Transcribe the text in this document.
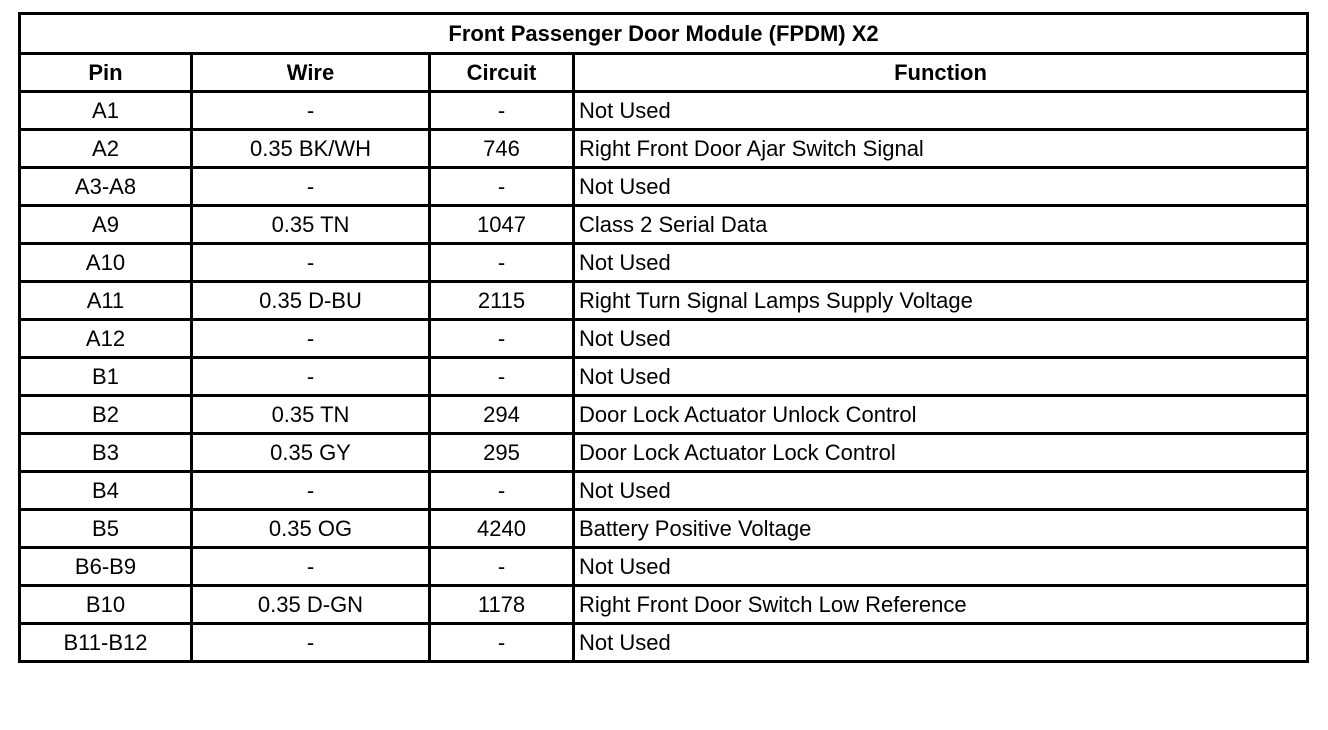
Front Passenger Door Module (FPDM) X2			
Pin	Wire	Circuit	Function
A1	-	-	Not Used
A2	0.35 BK/WH	746	Right Front Door Ajar Switch Signal
A3-A8	-	-	Not Used
A9	0.35 TN	1047	Class 2 Serial Data
A10	-	-	Not Used
A11	0.35 D-BU	2115	Right Turn Signal Lamps Supply Voltage
A12	-	-	Not Used
B1	-	-	Not Used
B2	0.35 TN	294	Door Lock Actuator Unlock Control
B3	0.35 GY	295	Door Lock Actuator Lock Control
B4	-	-	Not Used
B5	0.35 OG	4240	Battery Positive Voltage
B6-B9	-	-	Not Used
B10	0.35 D-GN	1178	Right Front Door Switch Low Reference
B11-B12	-	-	Not Used
